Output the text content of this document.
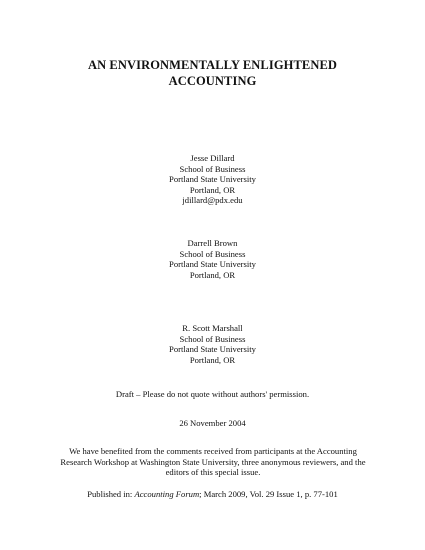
AN ENVIRONMENTALLY ENLIGHTENED
ACCOUNTING
Jesse Dillard
School of Business
Portland State University
Portland, OR
jdillard@pdx.edu
Darrell Brown
School of Business
Portland State University
Portland, OR
R. Scott Marshall
School of Business
Portland State University
Portland, OR
Draft – Please do not quote without authors' permission.
26 November 2004
We have benefited from the comments received from participants at the Accounting Research Workshop at Washington State University, three anonymous reviewers, and the editors of this special issue.
Published in: Accounting Forum; March 2009, Vol. 29 Issue 1, p. 77-101
